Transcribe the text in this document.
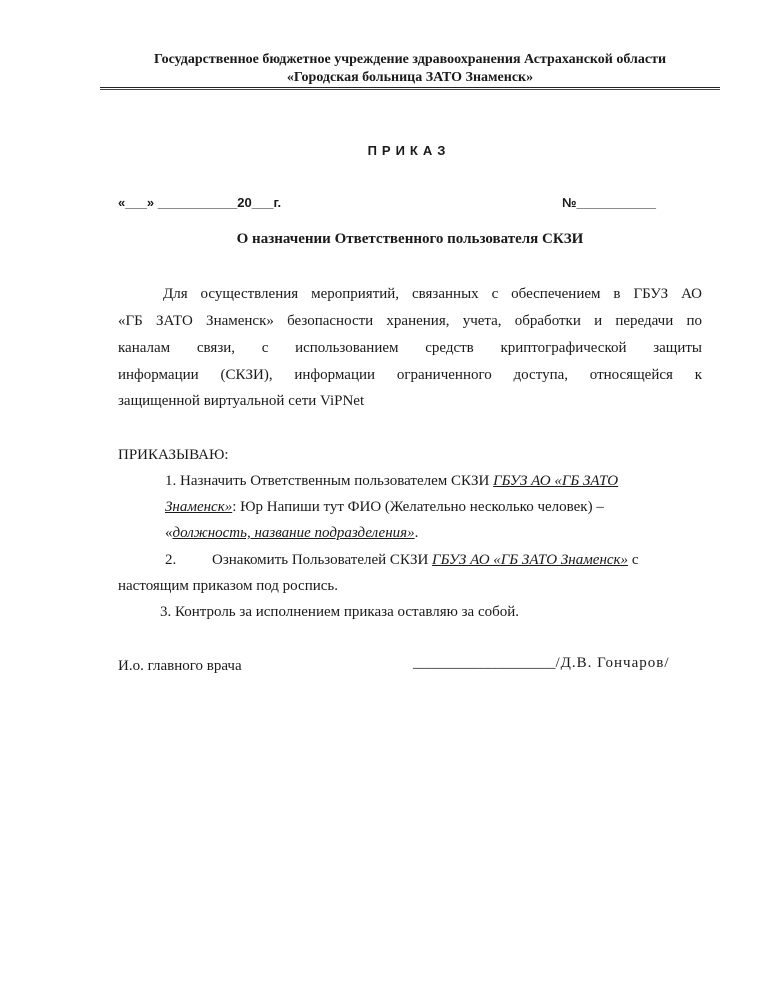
Государственное бюджетное учреждение здравоохранения Астраханской области
«Городская больница ЗАТО Знаменск»
ПРИКАЗ
«___» ___________20___г.	№___________
О назначении Ответственного пользователя СКЗИ
Для осуществления мероприятий, связанных с обеспечением в ГБУЗ АО
«ГБ ЗАТО Знаменск» безопасности хранения, учета, обработки и передачи по
каналам связи, с использованием средств криптографической защиты
информации (СКЗИ), информации ограниченного доступа, относящейся к
защищенной виртуальной сети ViPNet
ПРИКАЗЫВАЮ:
1. Назначить Ответственным пользователем СКЗИ ГБУЗ АО «ГБ ЗАТО
Знаменск»: Юр Напиши тут ФИО (Желательно несколько человек) –
«должность, название подразделения».
2. Ознакомить Пользователей СКЗИ ГБУЗ АО «ГБ ЗАТО Знаменск» с
настоящим приказом под роспись.
3. Контроль за исполнением приказа оставляю за собой.
И.о. главного врача	___________________/Д.В. Гончаров/
